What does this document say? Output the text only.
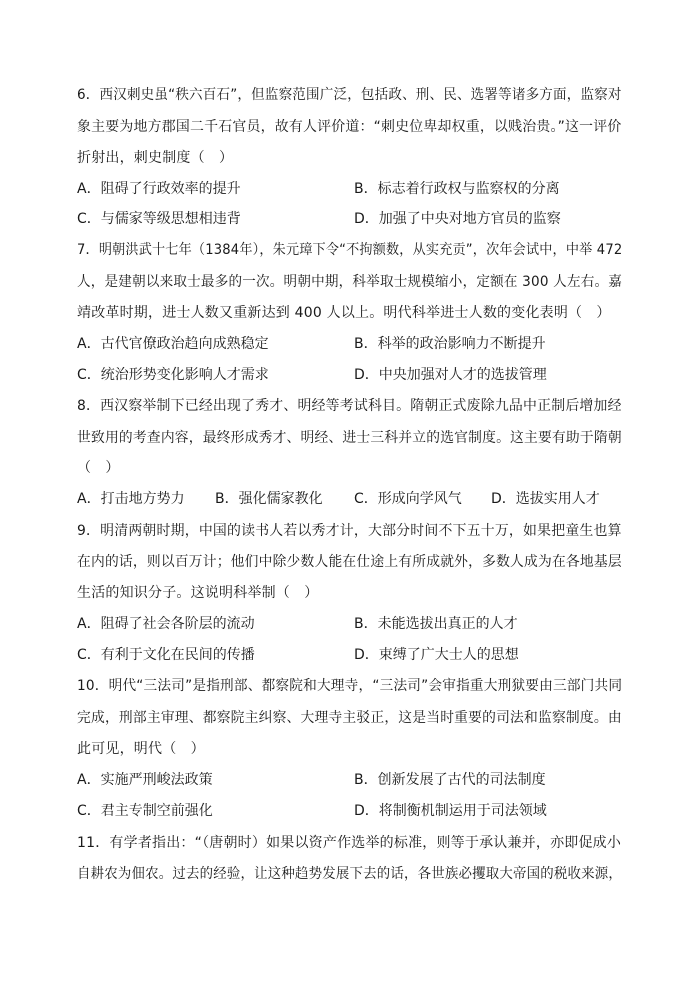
6．西汉刺史虽“秩六百石”，但监察范围广泛，包括政、刑、民、选署等诸多方面，监察对
象主要为地方郡国二千石官员，故有人评价道：“刺史位卑却权重，以贱治贵。”这一评价
折射出，刺史制度（　）
A．阻碍了行政效率的提升	B．标志着行政权与监察权的分离
C．与儒家等级思想相违背	D．加强了中央对地方官员的监察
7．明朝洪武十七年（1384年），朱元璋下令“不拘额数，从实充贡”，次年会试中，中举 472
人，是建朝以来取士最多的一次。明朝中期，科举取士规模缩小，定额在 300 人左右。嘉
靖改革时期，进士人数又重新达到 400 人以上。明代科举进士人数的变化表明（　）
A．古代官僚政治趋向成熟稳定	B．科举的政治影响力不断提升
C．统治形势变化影响人才需求	D．中央加强对人才的选拔管理
8．西汉察举制下已经出现了秀才、明经等考试科目。隋朝正式废除九品中正制后增加经
世致用的考查内容，最终形成秀才、明经、进士三科并立的选官制度。这主要有助于隋朝
（　）
A．打击地方势力 B．强化儒家教化 C．形成向学风气 D．选拔实用人才
9．明清两朝时期，中国的读书人若以秀才计，大部分时间不下五十万，如果把童生也算
在内的话，则以百万计；他们中除少数人能在仕途上有所成就外，多数人成为在各地基层
生活的知识分子。这说明科举制（　）
A．阻碍了社会各阶层的流动	B．未能选拔出真正的人才
C．有利于文化在民间的传播	D．束缚了广大士人的思想
10．明代“三法司”是指刑部、都察院和大理寺，“三法司”会审指重大刑狱要由三部门共同
完成，刑部主审理、都察院主纠察、大理寺主驳正，这是当时重要的司法和监察制度。由
此可见，明代（　）
A．实施严刑峻法政策	B．创新发展了古代的司法制度
C．君主专制空前强化	D．将制衡机制运用于司法领域
11．有学者指出：“（唐朝时）如果以资产作选举的标准，则等于承认兼并，亦即促成小
自耕农为佃农。过去的经验，让这种趋势发展下去的话，各世族必攫取大帝国的税收来源，
